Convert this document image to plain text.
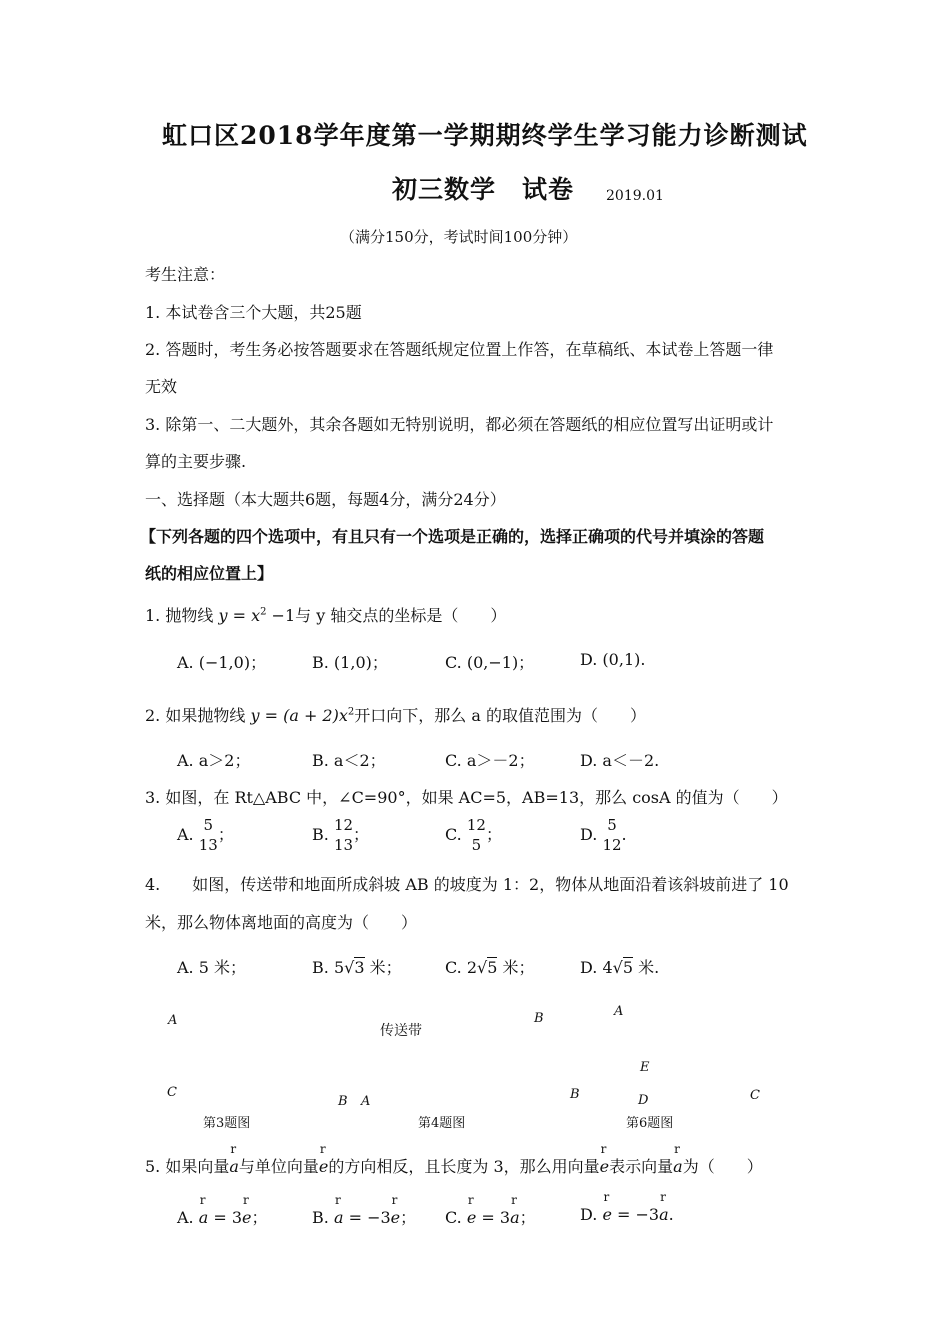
虹口区2018学年度第一学期期终学生学习能力诊断测试
初三数学　试卷 2019.01
（满分150分，考试时间100分钟）
考生注意：
1. 本试卷含三个大题，共25题
2. 答题时，考生务必按答题要求在答题纸规定位置上作答，在草稿纸、本试卷上答题一律
无效
3. 除第一、二大题外，其余各题如无特别说明，都必须在答题纸的相应位置写出证明或计
算的主要步骤.
一、选择题（本大题共6题，每题4分，满分24分）
【下列各题的四个选项中，有且只有一个选项是正确的，选择正确项的代号并填涂的答题
纸的相应位置上】
1. 抛物线 $y = x^2 -1$与 y 轴交点的坐标是（　　）
A. (−1,0)；	B. (1,0)；	C. (0,−1)；	D. (0,1).
2. 如果抛物线 $y = (a + 2)x^2$开口向下，那么 a 的取值范围为（　　）
A. a＞2；	B. a＜2；	C. a＞－2；	D. a＜－2.
3. 如图，在 Rt△ABC 中，∠C=90°，如果 AC=5，AB=13，那么 cosA 的值为（　　）
A. 5
13
；	B. 12
13
；	C. 12
5
；	D. 5
12
.
4.　　如图，传送带和地面所成斜坡 AB 的坡度为 1：2，物体从地面沿着该斜坡前进了 10
米，那么物体离地面的高度为（　　）
A. 5 米；	B. 5√3 米；	C. 2√5 米；	D. 4√5 米.
A
C
第3题图
传送带
B A
第4题图
B	A
E
B	D	C
第6题图
5. 如果向量
r
a与单位向量
r
e的方向相反，且长度为 3，那么用向量
r
e表示向量
r
a为（　　）
A.
r
a = 3
r
e；	B.
r
a = −3
r
e； C.
r
e = 3
r
a；	D.
r
e = −3
r
a.
